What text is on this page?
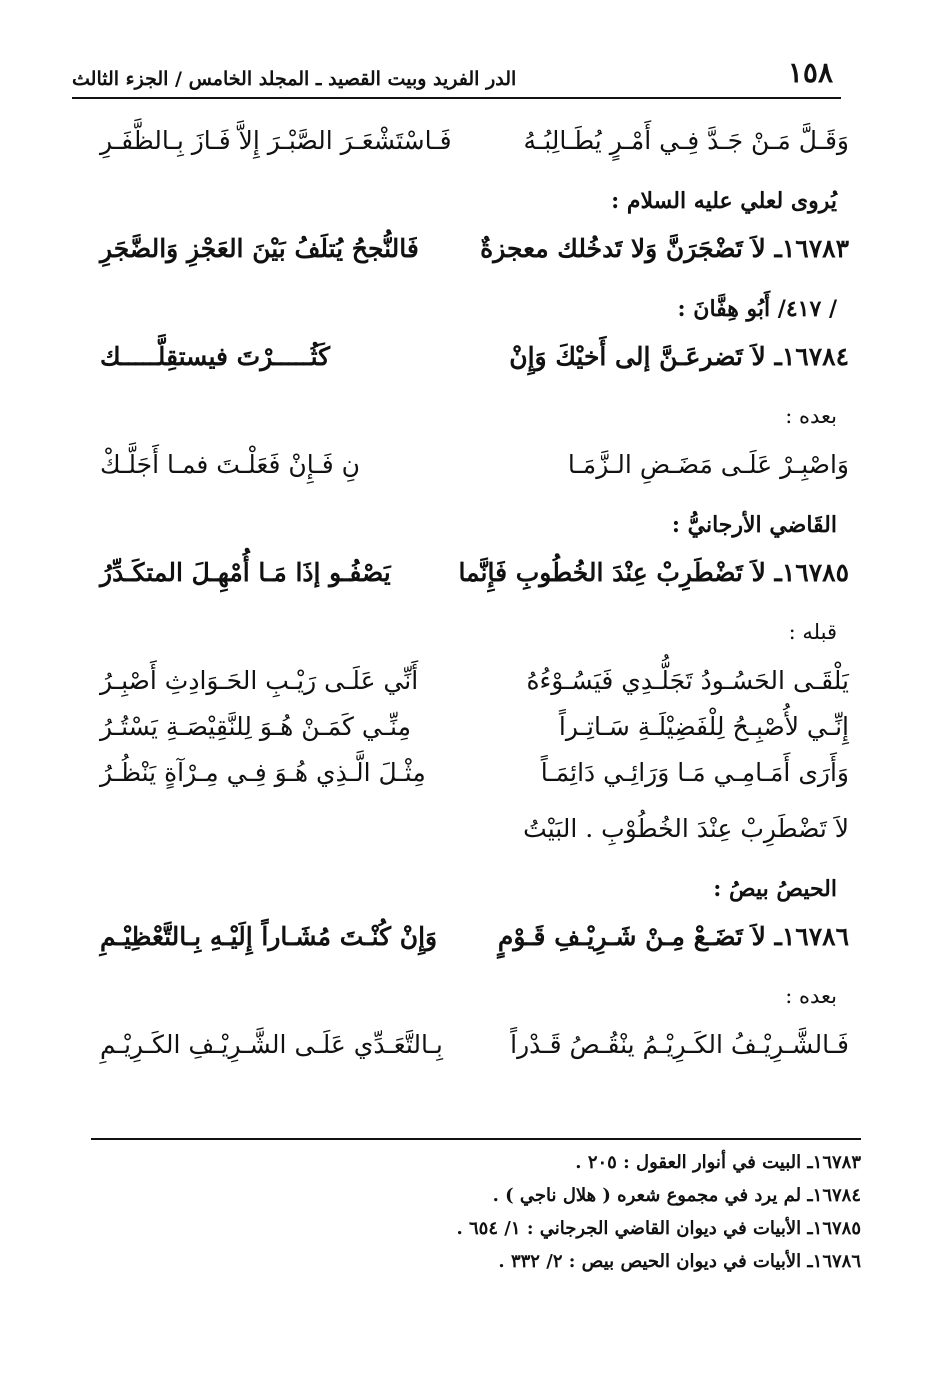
١٥٨
الدر الفريد وبيت القصيد ـ المجلد الخامس / الجزء الثالث
وَقَـلَّ مَـنْ جَـدَّ فِـي أَمْـرٍ يُطَـالِبُـهُ
فَـاسْتَشْعَـرَ الصَّبْـرَ إِلاَّ فَـازَ بِـالظَّفَـرِ
يُروى لعلي عليه السلام :
١٦٧٨٣ـ لاَ تَضْجَرَنَّ وَلا تَدخُلك معجزةٌ
فَالنُّجحُ يُتلَفُ بَيْنَ العَجْزِ وَالضَّجَرِ
/ ٤١٧/ أَبُو هِفَّانَ :
١٦٧٨٤ـ لاَ تَضرعَـنَّ إلى أَخيْكَ وَإِنْ
كَثُـــــرْتَ فيستقِلَّـــــك
بعده :
وَاصْبِـرْ عَلَـى مَضَـضِ الـزَّمَـا
نِ فَـإِنْ فَعَلْـتَ فمـا أَجَلَّـكْ
القَاضي الأرجانيُّ :
١٦٧٨٥ـ لاَ تَضْطَرِبْ عِنْدَ الخُطُوبِ فَإِنَّما
يَصْفُـو إذَا مَـا أُمْهِـلَ المتكَـدِّرُ
قبله :
يَلْقَـى الحَسُـودُ تَجَلُّـدِي فَيَسُـوْءُهُ
أَنِّي عَلَـى رَيْـبِ الحَـوَادِثِ أَصْبِـرُ
إِنِّـي لأُصْبِـحُ لِلْفَضِيْلَـةِ سَـاتِـراً
مِنِّـي كَمَـنْ هُـوَ لِلنَّقِيْصَـةِ يَسْتُـرُ
وَأَرَى أَمَـامِـي مَـا وَرَائِـي دَائِمَـاً
مِثْـلَ الَّـذِي هُـوَ فِـي مِـرْآةٍ يَنْظُـرُ
لاَ تَضْطَرِبْ عِنْدَ الخُطُوْبِ . البَيْتُ
الحيصُ بيصُ :
١٦٧٨٦ـ لاَ تَضَـعْ مِـنْ شَـرِيْـفِ قَـوْمٍ
وَإِنْ كُنْـتَ مُشَـاراً إِلَيْـهِ بِـالتَّعْظِيْـمِ
بعده :
فَـالشَّـرِيْـفُ الكَـرِيْـمُ ينْقُـصُ قَـدْراً
بِـالتَّعَـدِّي عَلَـى الشَّـرِيْـفِ الكَـرِيْـمِ
١٦٧٨٣ـ البيت في أنوار العقول : ٢٠٥ .
١٦٧٨٤ـ لم يرد في مجموع شعره ( هلال ناجي ) .
١٦٧٨٥ـ الأبيات في ديوان القاضي الجرجاني : ١/ ٦٥٤ .
١٦٧٨٦ـ الأبيات في ديوان الحيص بيص : ٢/ ٣٣٢ .
